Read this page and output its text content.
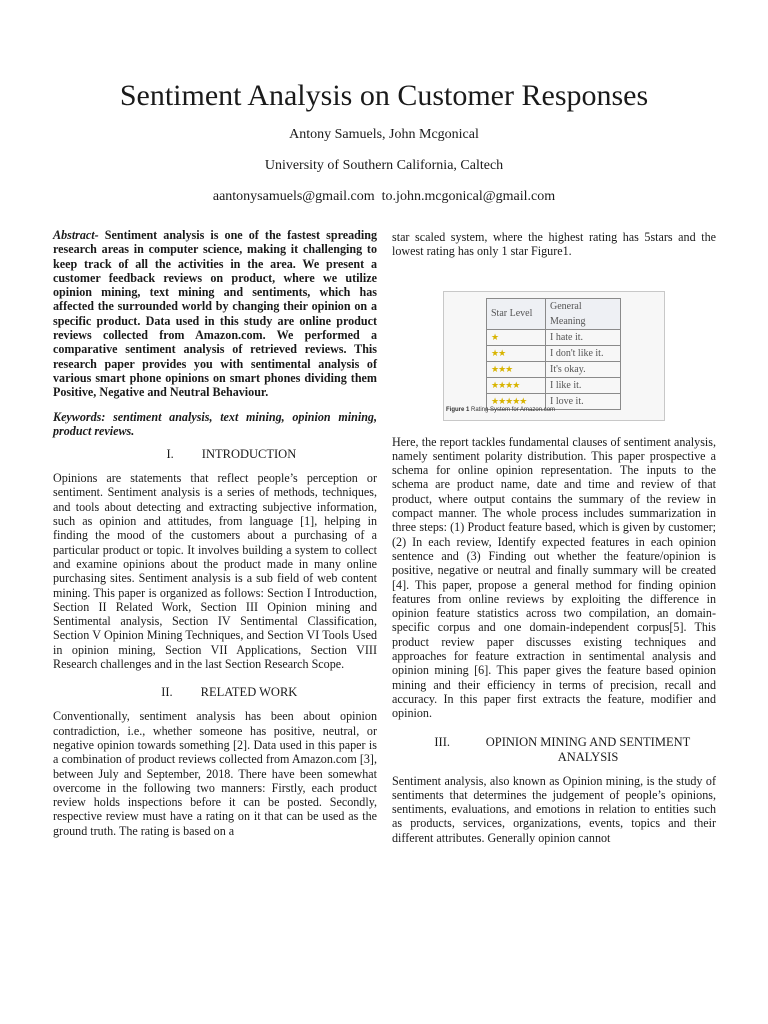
Sentiment Analysis on Customer Responses
Antony Samuels, John Mcgonical
University of Southern California, Caltech
aantonysamuels@gmail.com  to.john.mcgonical@gmail.com

Abstract- Sentiment analysis is one of the fastest spreading research areas in computer science, making it challenging to keep track of all the activities in the area. We present a customer feedback reviews on product, where we utilize opinion mining, text mining and sentiments, which has affected the surrounded world by changing their opinion on a specific product. Data used in this study are online product reviews collected from Amazon.com. We performed a comparative sentiment analysis of retrieved reviews. This research paper provides you with sentimental analysis of various smart phone opinions on smart phones dividing them Positive, Negative and Neutral Behaviour.

Keywords: sentiment analysis, text mining, opinion mining, product reviews.

I. INTRODUCTION

Opinions are statements that reflect people’s perception or sentiment. Sentiment analysis is a series of methods, techniques, and tools about detecting and extracting subjective information, such as opinion and attitudes, from language [1], helping in finding the mood of the customers about a purchasing of a particular product or topic. It involves building a system to collect and examine opinions about the product made in many online purchasing sites. Sentiment analysis is a sub field of web content mining. This paper is organized as follows: Section I Introduction, Section II Related Work, Section III Opinion mining and Sentimental analysis, Section IV Sentimental Classification, Section V Opinion Mining Techniques, and Section VI Tools Used in opinion mining, Section VII Applications, Section VIII Research challenges and in the last Section Research Scope.

II. RELATED WORK

Conventionally, sentiment analysis has been about opinion contradiction, i.e., whether someone has positive, neutral, or negative opinion towards something [2]. Data used in this paper is a combination of product reviews collected from Amazon.com [3], between July and September, 2018. There have been somewhat overcome in the following two manners: Firstly, each product review holds inspections before it can be posted. Secondly, respective review must have a rating on it that can be used as the ground truth. The rating is based on a

star scaled system, where the highest rating has 5stars and the lowest rating has only 1 star Figure1.

Star Level	General Meaning
★	I hate it.
★★	I don't like it.
★★★	It's okay.
★★★★	I like it.
★★★★★	I love it.
Figure 1 Rating System for Amazon.com

Here, the report tackles fundamental clauses of sentiment analysis, namely sentiment polarity distribution. This paper prospective a schema for online opinion representation. The inputs to the schema are product name, date and time and review of that product, where output contains the summary of the review in compact manner. The whole process includes summarization in three steps: (1) Product feature based, which is given by customer; (2) In each review, Identify expected features in each opinion sentence and (3) Finding out whether the feature/opinion is positive, negative or neutral and finally summary will be created [4]. This paper, propose a general method for finding opinion features from online reviews by exploiting the difference in opinion feature statistics across two compilation, an domain-specific corpus and one domain-independent corpus[5]. This product review paper discusses existing techniques and approaches for feature extraction in sentimental analysis and opinion mining [6]. This paper gives the feature based opinion mining and their efficiency in terms of precision, recall and accuracy. In this paper first extracts the feature, modifier and opinion.

III.	OPINION MINING AND SENTIMENT ANALYSIS

Sentiment analysis, also known as Opinion mining, is the study of sentiments that determines the judgement of people’s opinions, sentiments, evaluations, and emotions in relation to entities such as products, services, organizations, events, topics and their different attributes. Generally opinion cannot
